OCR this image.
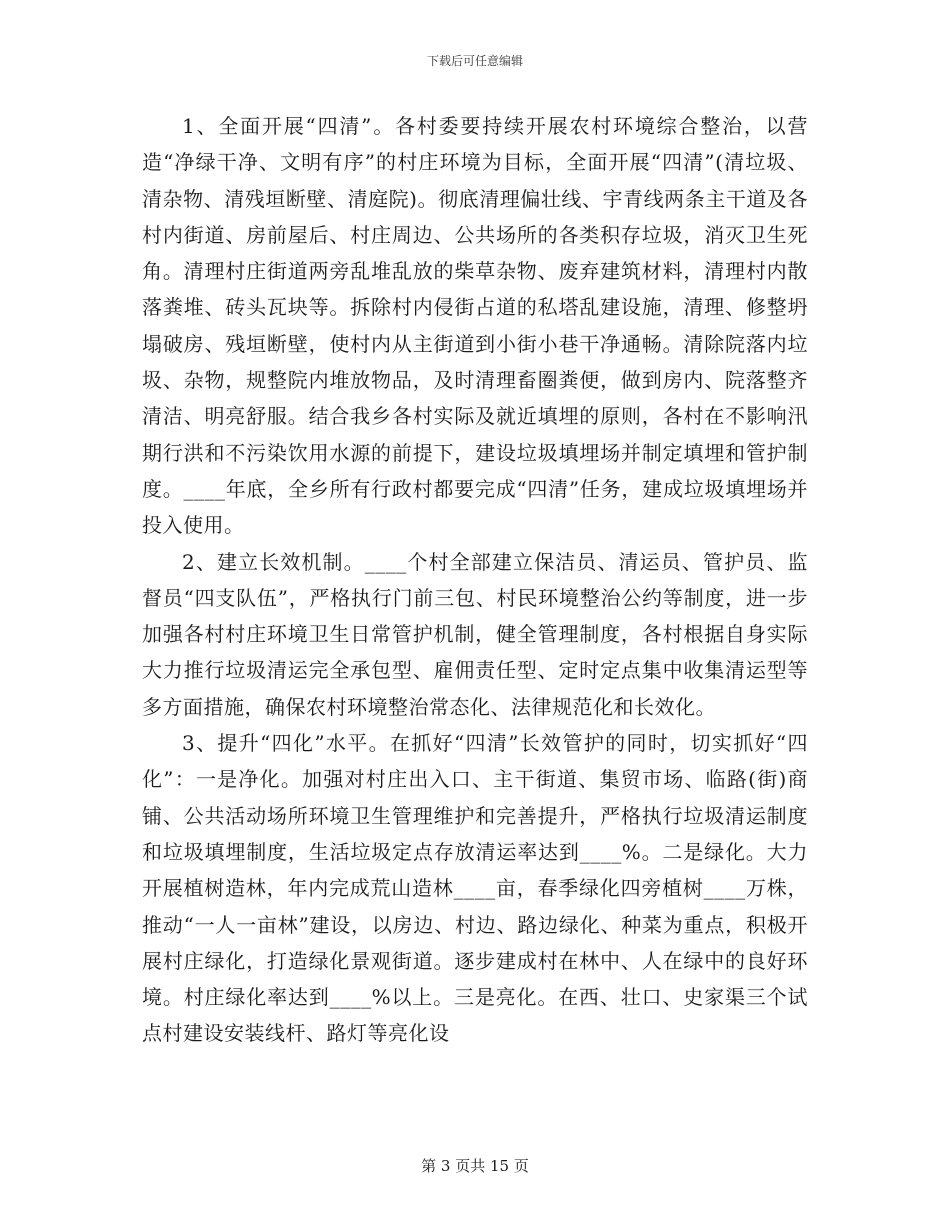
下载后可任意编辑

1、全面开展“四清”。各村委要持续开展农村环境综合整治，以营造“净绿干净、文明有序”的村庄环境为目标，全面开展“四清”(清垃圾、清杂物、清残垣断壁、清庭院)。彻底清理偏壮线、宇青线两条主干道及各村内街道、房前屋后、村庄周边、公共场所的各类积存垃圾，消灭卫生死角。清理村庄街道两旁乱堆乱放的柴草杂物、废弃建筑材料，清理村内散落粪堆、砖头瓦块等。拆除村内侵街占道的私塔乱建设施，清理、修整坍塌破房、残垣断壁，使村内从主街道到小街小巷干净通畅。清除院落内垃圾、杂物，规整院内堆放物品，及时清理畜圈粪便，做到房内、院落整齐清洁、明亮舒服。结合我乡各村实际及就近填埋的原则，各村在不影响汛期行洪和不污染饮用水源的前提下，建设垃圾填埋场并制定填埋和管护制度。____年底，全乡所有行政村都要完成“四清”任务，建成垃圾填埋场并投入使用。

2、建立长效机制。____个村全部建立保洁员、清运员、管护员、监督员“四支队伍”，严格执行门前三包、村民环境整治公约等制度，进一步加强各村村庄环境卫生日常管护机制，健全管理制度，各村根据自身实际大力推行垃圾清运完全承包型、雇佣责任型、定时定点集中收集清运型等多方面措施，确保农村环境整治常态化、法律规范化和长效化。

3、提升“四化”水平。在抓好“四清”长效管护的同时，切实抓好“四化”：一是净化。加强对村庄出入口、主干街道、集贸市场、临路(街)商铺、公共活动场所环境卫生管理维护和完善提升，严格执行垃圾清运制度和垃圾填埋制度，生活垃圾定点存放清运率达到____%。二是绿化。大力开展植树造林，年内完成荒山造林____亩，春季绿化四旁植树____万株，推动“一人一亩林”建设，以房边、村边、路边绿化、种菜为重点，积极开展村庄绿化，打造绿化景观街道。逐步建成村在林中、人在绿中的良好环境。村庄绿化率达到____%以上。三是亮化。在西、壮口、史家渠三个试点村建设安装线杆、路灯等亮化设

第 3 页共 15 页
